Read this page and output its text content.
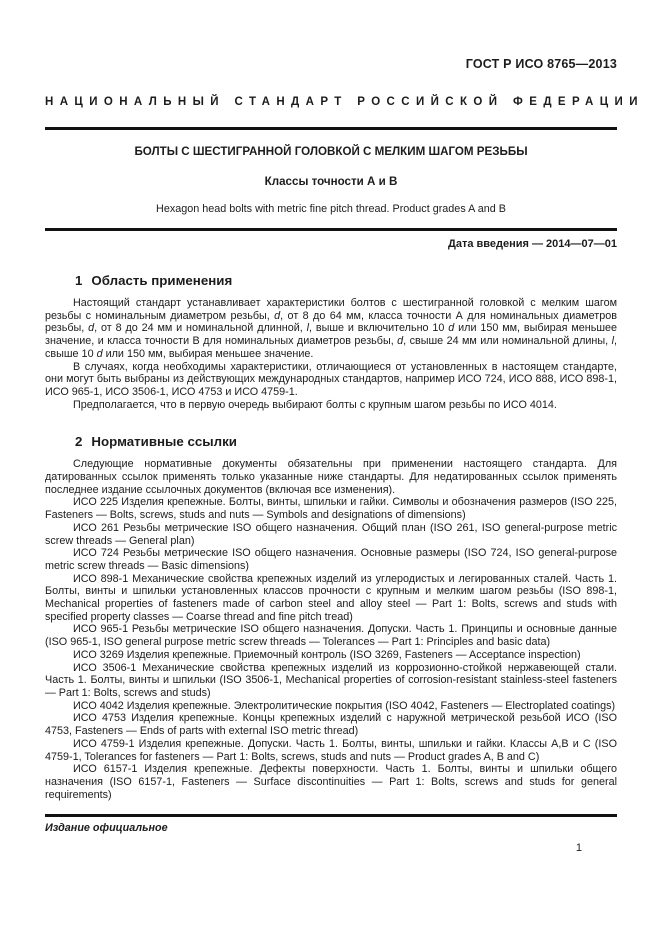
ГОСТ Р ИСО 8765—2013
НАЦИОНАЛЬНЫЙ СТАНДАРТ РОССИЙСКОЙ ФЕДЕРАЦИИ
БОЛТЫ С ШЕСТИГРАННОЙ ГОЛОВКОЙ С МЕЛКИМ ШАГОМ РЕЗЬБЫ
Классы точности А и В
Hexagon head bolts with metric fine pitch thread. Product grades A and B
Дата введения — 2014—07—01
1 Область применения

Настоящий стандарт устанавливает характеристики болтов с шестигранной головкой с мелким шагом резьбы с номинальным диаметром резьбы, d, от 8 до 64 мм, класса точности А для номинальных диаметров резьбы, d, от 8 до 24 мм и номинальной длинной, l, выше и включительно 10 d или 150 мм, выбирая меньшее значение, и класса точности В для номинальных диаметров резьбы, d, свыше 24 мм или номинальной длины, l, свыше 10 d или 150 мм, выбирая меньшее значение.

В случаях, когда необходимы характеристики, отличающиеся от установленных в настоящем стандарте, они могут быть выбраны из действующих международных стандартов, например ИСО 724, ИСО 888, ИСО 898-1, ИСО 965-1, ИСО 3506-1, ИСО 4753 и ИСО 4759-1.

Предполагается, что в первую очередь выбирают болты с крупным шагом резьбы по ИСО 4014.

2 Нормативные ссылки

Следующие нормативные документы обязательны при применении настоящего стандарта. Для датированных ссылок применять только указанные ниже стандарты. Для недатированных ссылок применять последнее издание ссылочных документов (включая все изменения).

ИСО 225 Изделия крепежные. Болты, винты, шпильки и гайки. Символы и обозначения размеров (ISO 225, Fasteners — Bolts, screws, studs and nuts — Symbols and designations of dimensions)

ИСО 261 Резьбы метрические ISO общего назначения. Общий план (ISO 261, ISO general-purpose metric screw threads — General plan)

ИСО 724 Резьбы метрические ISO общего назначения. Основные размеры (ISO 724, ISO general-purpose metric screw threads — Basic dimensions)

ИСО 898-1 Механические свойства крепежных изделий из углеродистых и легированных сталей. Часть 1. Болты, винты и шпильки установленных классов прочности с крупным и мелким шагом резьбы (ISO 898-1, Mechanical properties of fasteners made of carbon steel and alloy steel — Part 1: Bolts, screws and studs with specified property classes — Coarse thread and fine pitch tread)

ИСО 965-1 Резьбы метрические ISO общего назначения. Допуски. Часть 1. Принципы и основные данные (ISO 965-1, ISO general purpose metric screw threads — Tolerances — Part 1: Principles and basic data)

ИСО 3269 Изделия крепежные. Приемочный контроль (ISO 3269, Fasteners — Acceptance inspection)

ИСО 3506-1 Механические свойства крепежных изделий из коррозионно-стойкой нержавеющей стали. Часть 1. Болты, винты и шпильки (ISO 3506-1, Mechanical properties of corrosion-resistant stainless-steel fasteners — Part 1: Bolts, screws and studs)

ИСО 4042 Изделия крепежные. Электролитические покрытия (ISO 4042, Fasteners — Electroplated coatings)

ИСО 4753 Изделия крепежные. Концы крепежных изделий с наружной метрической резьбой ИСО (ISO 4753, Fasteners — Ends of parts with external ISO metric thread)

ИСО 4759-1 Изделия крепежные. Допуски. Часть 1. Болты, винты, шпильки и гайки. Классы А,В и С (ISO 4759-1, Tolerances for fasteners — Part 1: Bolts, screws, studs and nuts — Product grades A, B and C)

ИСО 6157-1 Изделия крепежные. Дефекты поверхности. Часть 1. Болты, винты и шпильки общего назначения (ISO 6157-1, Fasteners — Surface discontinuities — Part 1: Bolts, screws and studs for general requirements)

Издание официальное
1
